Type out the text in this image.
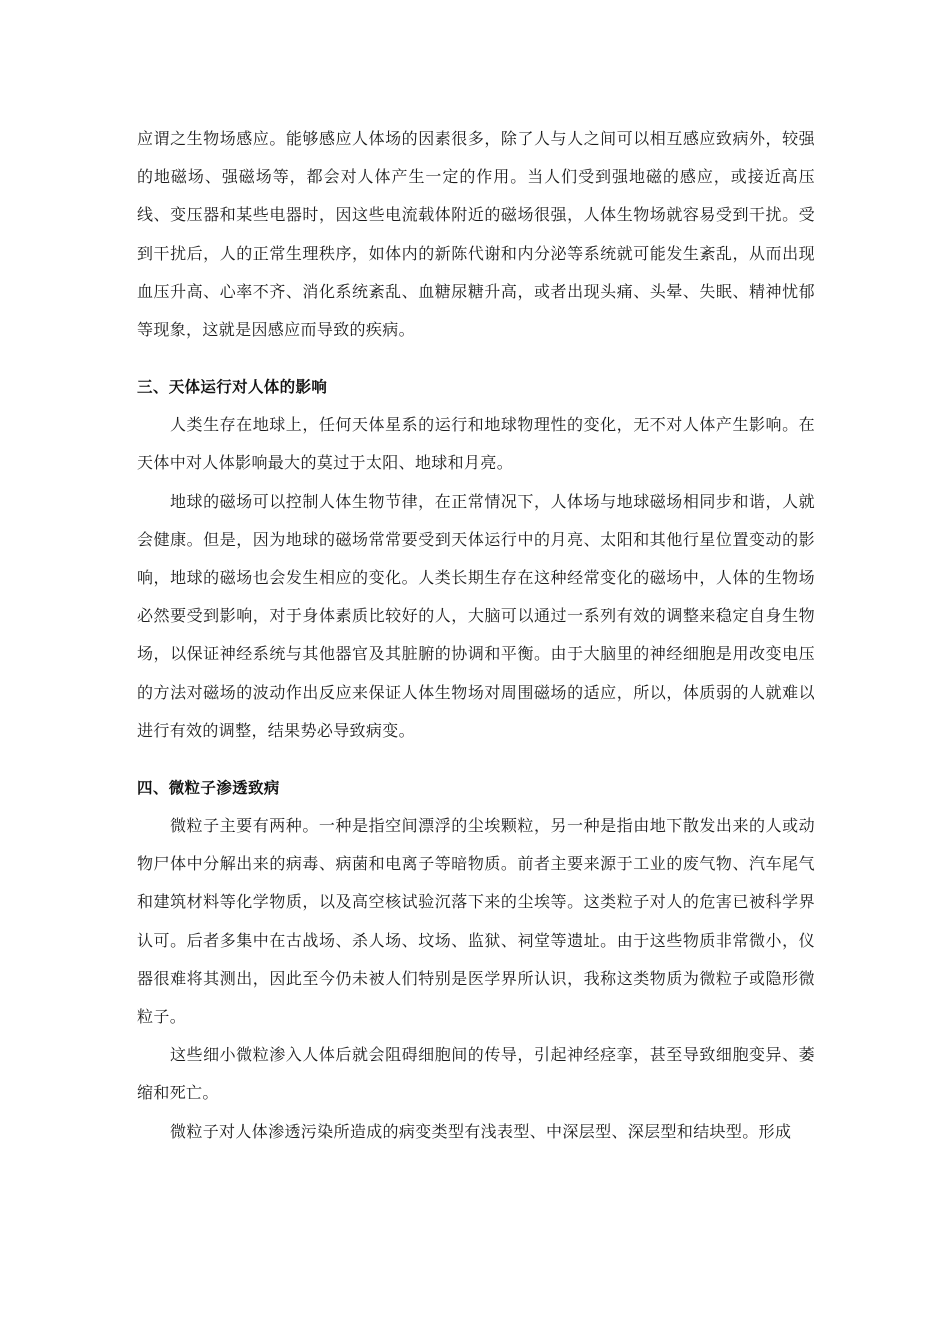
应谓之生物场感应。能够感应人体场的因素很多，除了人与人之间可以相互感应致病外，较强的地磁场、强磁场等，都会对人体产生一定的作用。当人们受到强地磁的感应，或接近高压线、变压器和某些电器时，因这些电流载体附近的磁场很强，人体生物场就容易受到干扰。受到干扰后，人的正常生理秩序，如体内的新陈代谢和内分泌等系统就可能发生紊乱，从而出现血压升高、心率不齐、消化系统紊乱、血糖尿糖升高，或者出现头痛、头晕、失眠、精神忧郁等现象，这就是因感应而导致的疾病。

三、天体运行对人体的影响

人类生存在地球上，任何天体星系的运行和地球物理性的变化，无不对人体产生影响。在天体中对人体影响最大的莫过于太阳、地球和月亮。

地球的磁场可以控制人体生物节律，在正常情况下，人体场与地球磁场相同步和谐，人就会健康。但是，因为地球的磁场常常要受到天体运行中的月亮、太阳和其他行星位置变动的影响，地球的磁场也会发生相应的变化。人类长期生存在这种经常变化的磁场中，人体的生物场必然要受到影响，对于身体素质比较好的人，大脑可以通过一系列有效的调整来稳定自身生物场，以保证神经系统与其他器官及其脏腑的协调和平衡。由于大脑里的神经细胞是用改变电压的方法对磁场的波动作出反应来保证人体生物场对周围磁场的适应，所以，体质弱的人就难以进行有效的调整，结果势必导致病变。

四、微粒子渗透致病

微粒子主要有两种。一种是指空间漂浮的尘埃颗粒，另一种是指由地下散发出来的人或动物尸体中分解出来的病毒、病菌和电离子等暗物质。前者主要来源于工业的废气物、汽车尾气和建筑材料等化学物质，以及高空核试验沉落下来的尘埃等。这类粒子对人的危害已被科学界认可。后者多集中在古战场、杀人场、坟场、监狱、祠堂等遗址。由于这些物质非常微小，仪器很难将其测出，因此至今仍未被人们特别是医学界所认识，我称这类物质为微粒子或隐形微粒子。

这些细小微粒渗入人体后就会阻碍细胞间的传导，引起神经痉挛，甚至导致细胞变异、萎缩和死亡。

微粒子对人体渗透污染所造成的病变类型有浅表型、中深层型、深层型和结块型。形成
